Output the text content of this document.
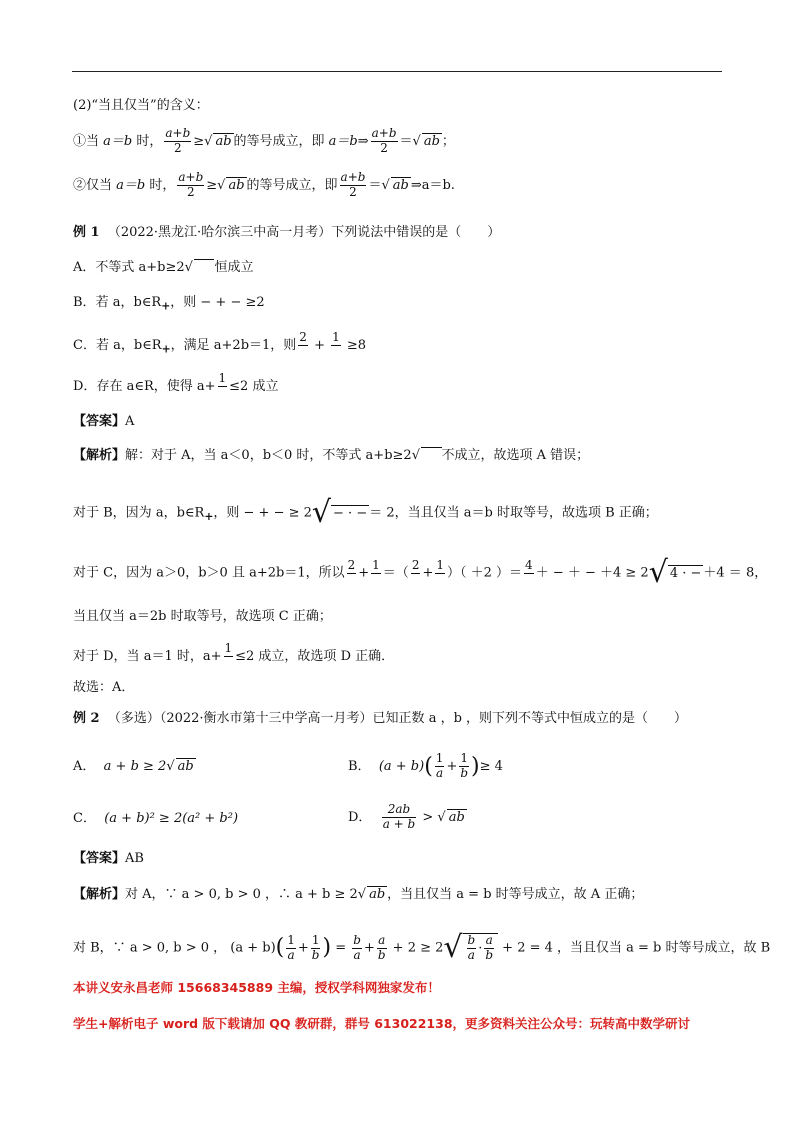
(2)“当且仅当”的含义：
①当 a＝b 时， $\frac{a+b}{2}$ ≥ √ ab 的等号成立，即 a＝b⇒ $\frac{a+b}{2}$ ＝ √ ab ；
②仅当 a＝b 时， $\frac{a+b}{2}$ ≥ √ ab 的等号成立，即 $\frac{a+b}{2}$ ＝ √ ab ⇒a＝b.
例 1 （2022·黑龙江·哈尔滨三中高一月考）下列说法中错误的是（　　）
A．不等式 a+b≥2 √ 恒成立
B．若 a，$b\in R_+$，则 − + − ≥2
C．若 a，$b\in R_+$，满足 a+2b＝1，则
2

+
1

≥8
D．存在 a∈R，使得 a+
1

≤2 成立
【答案】A
【解析】解：对于 A，当 a＜0，b＜0 时，不等式 a+b≥2 √ 不成立，故选项 A 错误；
对于 B，因为 a，$b\in R_+$，则 − + − ≥ 2√ − · −＝ 2，当且仅当 a＝b 时取等号，故选项 B 正确；
对于 C，因为 a＞0，b＞0 且 a+2b＝1，所以
2

+
1

＝（
2

+
1

）（ ＋2 ）＝
4

＋ − ＋ − ＋4 ≥ 2√ 4 · −＋4 ＝ 8，
当且仅当 a＝2b 时取等号，故选项 C 正确；
对于 D，当 a＝1 时，a+
1

≤2 成立，故选项 D 正确．
故选：A．
例 2 （多选）（2022·衡水市第十三中学高一月考）已知正数 a ，b ，则下列不等式中恒成立的是（　　）
A． a + b ≥ 2 √ ab	B． $(a + b)( \frac{1}{a} + \frac{1}{b}$ )≥ 4
C． (a + b)² ≥ 2(a² + b²)	D． $\frac{2ab}{a + b}$ > √ ab
【答案】AB
【解析】对 A，∵ a > 0, b > 0 ，∴ a + b ≥ 2 √ ab ，当且仅当 a = b 时等号成立，故 A 正确；
对 B，∵ a > 0, b > 0 ， $(a + b)( \frac{1}{a} + \frac{1}{b}$ ) = $\frac{b}{a} + \frac{a}{b} + 2 \ge 2√ \frac{b}{a} \cdot \frac{a}{b} + 2 = 4$ ，当且仅当 a = b 时等号成立，故 B
本讲义安永昌老师 15668345889 主编，授权学科网独家发布！
学生+解析电子 word 版下载请加 QQ 教研群，群号 613022138，更多资料关注公众号：玩转高中数学研讨
